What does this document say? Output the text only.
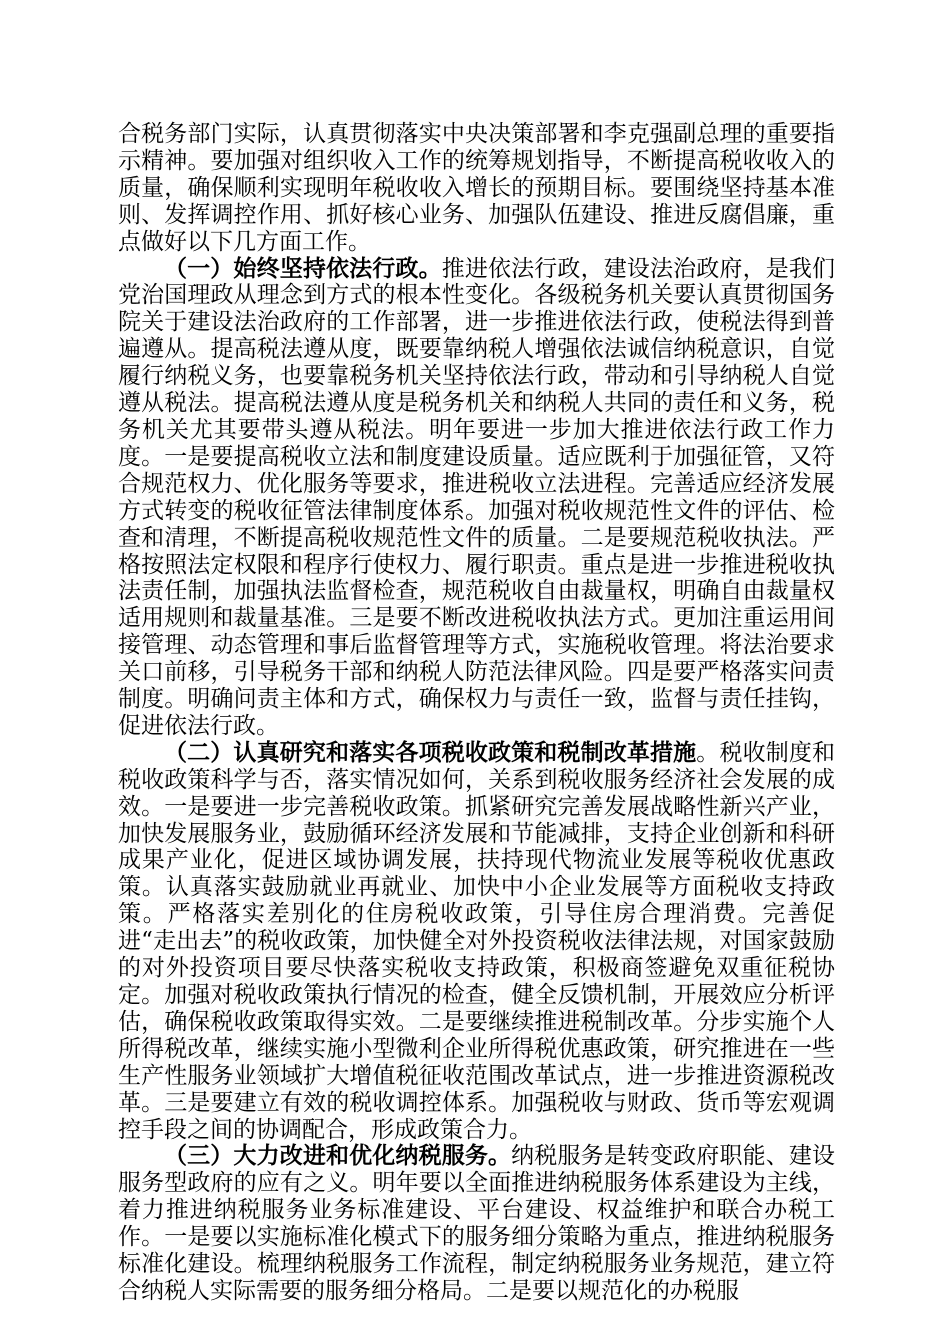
合税务部门实际，认真贯彻落实中央决策部署和李克强副总理的重要指示精神。要加强对组织收入工作的统筹规划指导，不断提高税收收入的质量，确保顺利实现明年税收收入增长的预期目标。要围绕坚持基本准则、发挥调控作用、抓好核心业务、加强队伍建设、推进反腐倡廉，重点做好以下几方面工作。

（一）始终坚持依法行政。推进依法行政，建设法治政府，是我们党治国理政从理念到方式的根本性变化。各级税务机关要认真贯彻国务院关于建设法治政府的工作部署，进一步推进依法行政，使税法得到普遍遵从。提高税法遵从度，既要靠纳税人增强依法诚信纳税意识，自觉履行纳税义务，也要靠税务机关坚持依法行政，带动和引导纳税人自觉遵从税法。提高税法遵从度是税务机关和纳税人共同的责任和义务，税务机关尤其要带头遵从税法。明年要进一步加大推进依法行政工作力度。一是要提高税收立法和制度建设质量。适应既利于加强征管，又符合规范权力、优化服务等要求，推进税收立法进程。完善适应经济发展方式转变的税收征管法律制度体系。加强对税收规范性文件的评估、检查和清理，不断提高税收规范性文件的质量。二是要规范税收执法。严格按照法定权限和程序行使权力、履行职责。重点是进一步推进税收执法责任制，加强执法监督检查，规范税收自由裁量权，明确自由裁量权适用规则和裁量基准。三是要不断改进税收执法方式。更加注重运用间接管理、动态管理和事后监督管理等方式，实施税收管理。将法治要求关口前移，引导税务干部和纳税人防范法律风险。四是要严格落实问责制度。明确问责主体和方式，确保权力与责任一致，监督与责任挂钩，促进依法行政。

（二）认真研究和落实各项税收政策和税制改革措施。税收制度和税收政策科学与否，落实情况如何，关系到税收服务经济社会发展的成效。一是要进一步完善税收政策。抓紧研究完善发展战略性新兴产业，加快发展服务业，鼓励循环经济发展和节能减排，支持企业创新和科研成果产业化，促进区域协调发展，扶持现代物流业发展等税收优惠政策。认真落实鼓励就业再就业、加快中小企业发展等方面税收支持政策。严格落实差别化的住房税收政策，引导住房合理消费。完善促进“走出去”的税收政策，加快健全对外投资税收法律法规，对国家鼓励的对外投资项目要尽快落实税收支持政策，积极商签避免双重征税协定。加强对税收政策执行情况的检查，健全反馈机制，开展效应分析评估，确保税收政策取得实效。二是要继续推进税制改革。分步实施个人所得税改革，继续实施小型微利企业所得税优惠政策，研究推进在一些生产性服务业领域扩大增值税征收范围改革试点，进一步推进资源税改革。三是要建立有效的税收调控体系。加强税收与财政、货币等宏观调控手段之间的协调配合，形成政策合力。

（三）大力改进和优化纳税服务。纳税服务是转变政府职能、建设服务型政府的应有之义。明年要以全面推进纳税服务体系建设为主线，着力推进纳税服务业务标准建设、平台建设、权益维护和联合办税工作。一是要以实施标准化模式下的服务细分策略为重点，推进纳税服务标准化建设。梳理纳税服务工作流程，制定纳税服务业务规范，建立符合纳税人实际需要的服务细分格局。二是要以规范化的办税服
